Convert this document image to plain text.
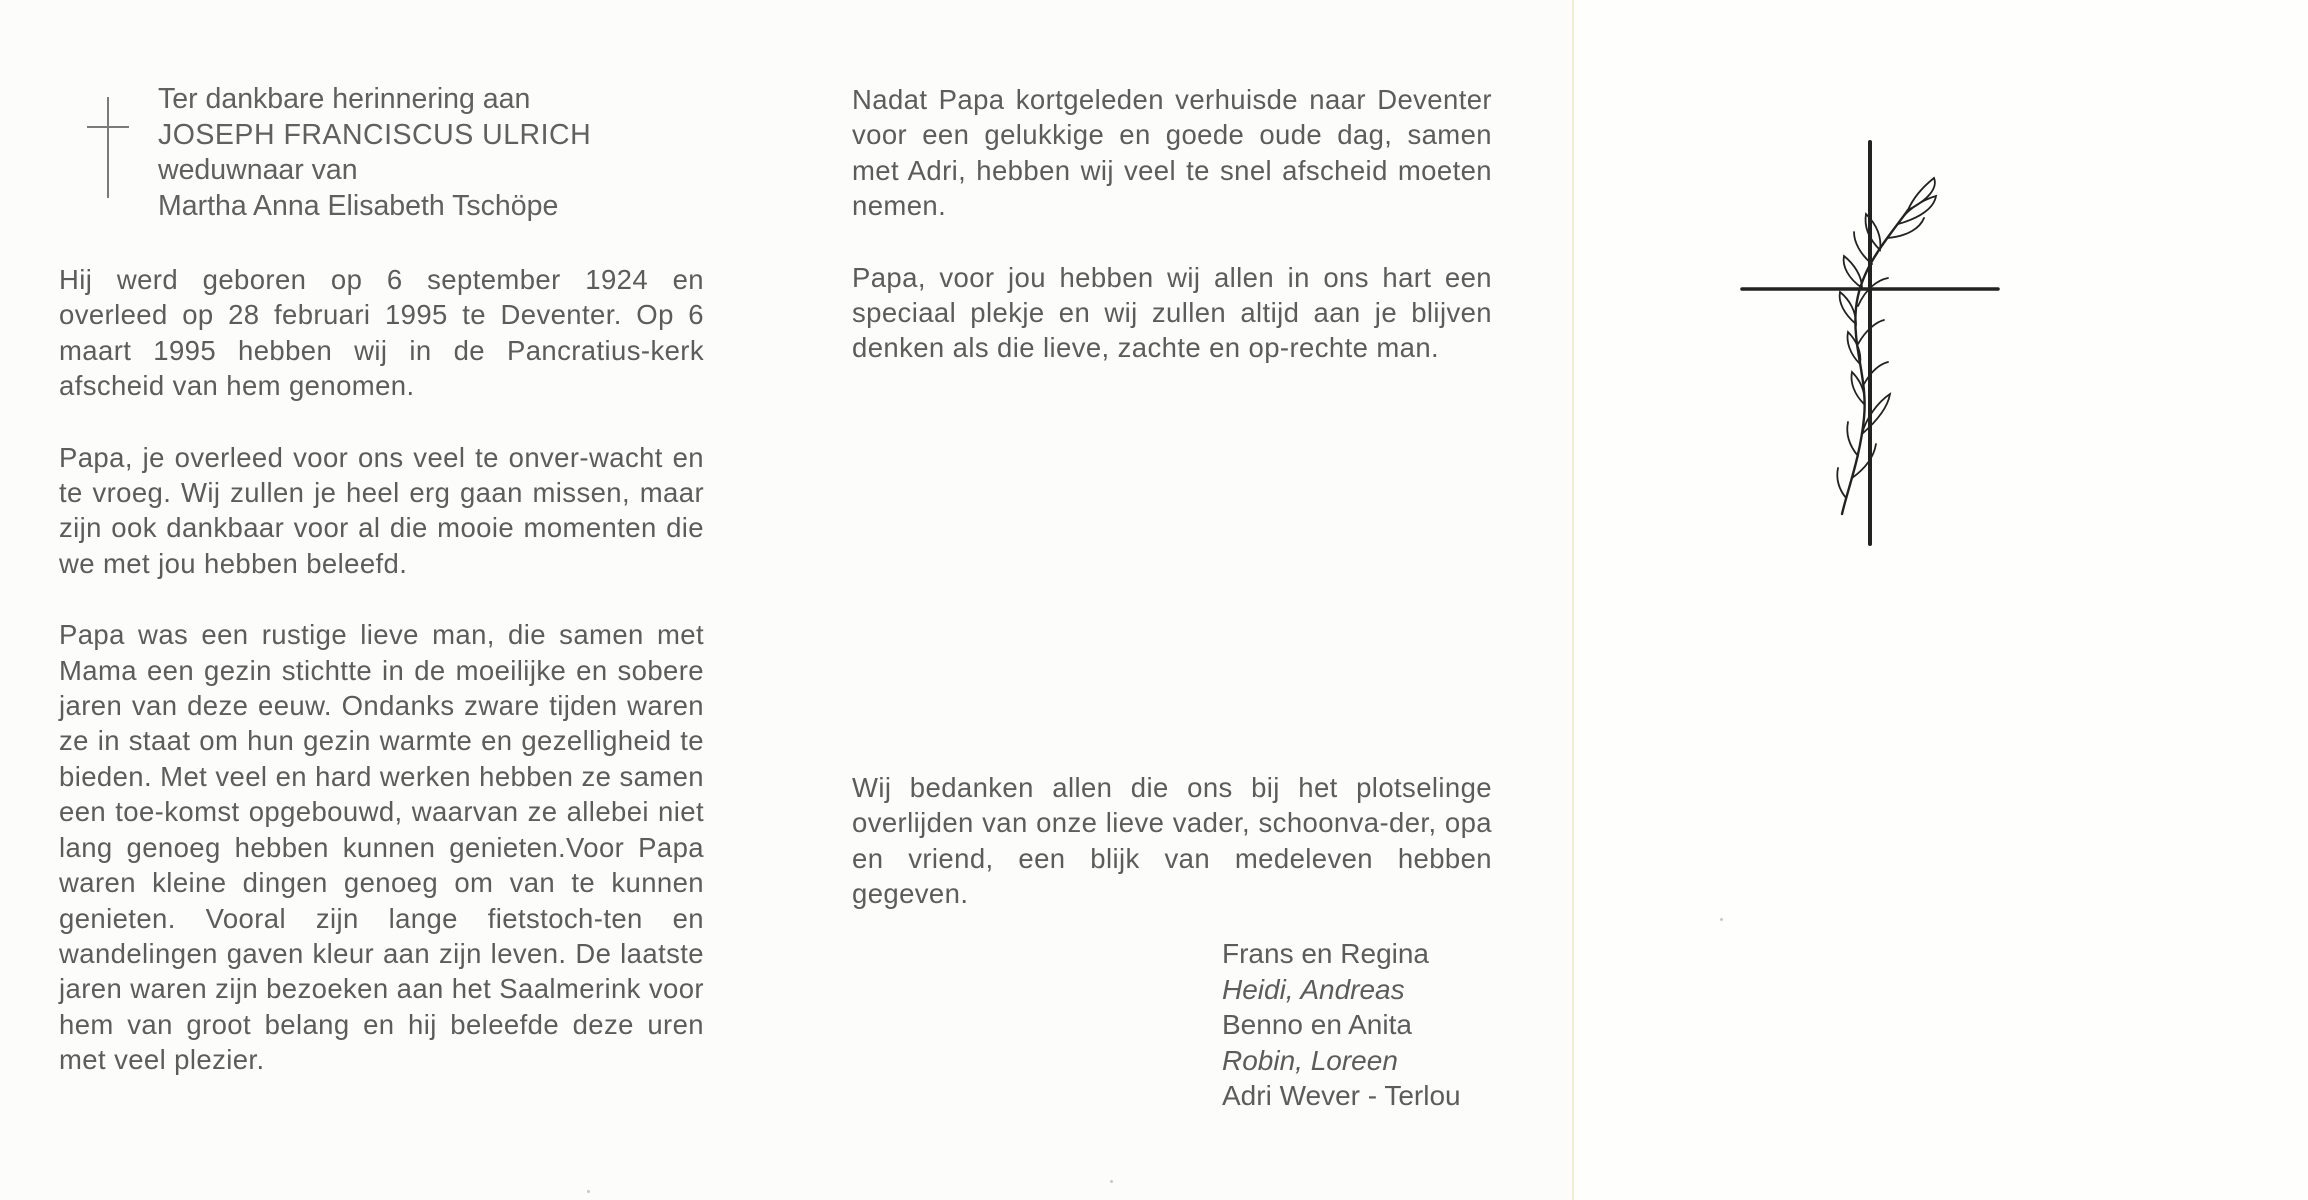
Ter dankbare herinnering aan
JOSEPH FRANCISCUS ULRICH
weduwnaar van
Martha Anna Elisabeth Tschöpe

Hij werd geboren op 6 september 1924 en overleed op 28 februari 1995 te Deventer. Op 6 maart 1995 hebben wij in de Pancratius-kerk afscheid van hem genomen.

Papa, je overleed voor ons veel te onver-wacht en te vroeg. Wij zullen je heel erg gaan missen, maar zijn ook dankbaar voor al die mooie momenten die we met jou hebben beleefd.

Papa was een rustige lieve man, die samen met Mama een gezin stichtte in de moeilijke en sobere jaren van deze eeuw. Ondanks zware tijden waren ze in staat om hun gezin warmte en gezelligheid te bieden. Met veel en hard werken hebben ze samen een toe-komst opgebouwd, waarvan ze allebei niet lang genoeg hebben kunnen genieten.Voor Papa waren kleine dingen genoeg om van te kunnen genieten. Vooral zijn lange fietstoch-ten en wandelingen gaven kleur aan zijn leven. De laatste jaren waren zijn bezoeken aan het Saalmerink voor hem van groot belang en hij beleefde deze uren met veel plezier.

Nadat Papa kortgeleden verhuisde naar Deventer voor een gelukkige en goede oude dag, samen met Adri, hebben wij veel te snel afscheid moeten nemen.

Papa, voor jou hebben wij allen in ons hart een speciaal plekje en wij zullen altijd aan je blijven denken als die lieve, zachte en op-rechte man.

Wij bedanken allen die ons bij het plotselinge overlijden van onze lieve vader, schoonva-der, opa en vriend, een blijk van medeleven hebben gegeven.
Frans en Regina
Heidi, Andreas
Benno en Anita
Robin, Loreen
Adri Wever - Terlou
